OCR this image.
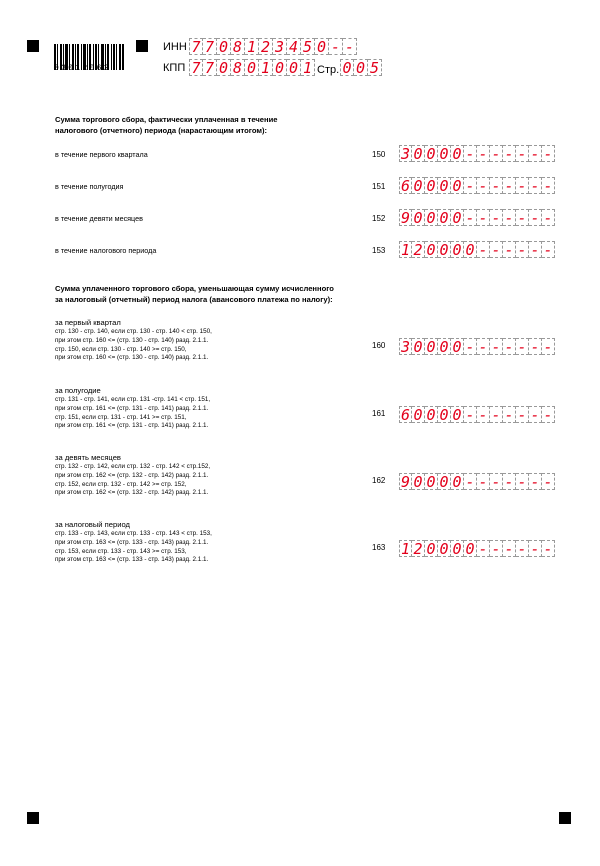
03012062
ИНН 7 7 0 8 1 2 3 4 5 0 - -
КПП 7 7 0 8 0 1 0 0 1 Стр. 0 0 5
Сумма торгового сбора, фактически уплаченная в течение
налогового (отчетного) периода (нарастающим итогом):
в течение первого квартала	150 3 0 0 0 0 - - - - - - -
в течение полугодия	151 6 0 0 0 0 - - - - - - -
в течение девяти месяцев	152 9 0 0 0 0 - - - - - - -
в течение налогового периода	153 1 2 0 0 0 0 - - - - - -
Сумма уплаченного торгового сбора, уменьшающая сумму исчисленного
за налоговый (отчетный) период налога (авансового платежа по налогу):
за первый квартал
стр. 130 - стр. 140, если стр. 130 - стр. 140 < стр. 150,
при этом стр. 160 <= (стр. 130 - стр. 140) разд. 2.1.1.
стр. 150, если стр. 130 - стр. 140 >= стр. 150,
при этом стр. 160 <= (стр. 130 - стр. 140) разд. 2.1.1.
160 3 0 0 0 0 - - - - - - -
за полугодие
стр. 131 - стр. 141, если стр. 131 -стр. 141 < стр. 151,
при этом стр. 161 <= (стр. 131 - стр. 141) разд. 2.1.1.
стр. 151, если стр. 131 - стр. 141 >= стр. 151,
при этом стр. 161 <= (стр. 131 - стр. 141) разд. 2.1.1.
161 6 0 0 0 0 - - - - - - -
за девять месяцев
стр. 132 - стр. 142, если стр. 132 - стр. 142 < стр.152,
при этом стр. 162 <= (стр. 132 - стр. 142) разд. 2.1.1.
стр. 152, если стр. 132 - стр. 142 >= стр. 152,
при этом стр. 162 <= (стр. 132 - стр. 142) разд. 2.1.1.
162 9 0 0 0 0 - - - - - - -
за налоговый период
стр. 133 - стр. 143, если стр. 133 - стр. 143 < стр. 153,
при этом стр. 163 <= (стр. 133 - стр. 143) разд. 2.1.1.
стр. 153, если стр. 133 - стр. 143 >= стр. 153,
при этом стр. 163 <= (стр. 133 - стр. 143) разд. 2.1.1.
163 1 2 0 0 0 0 - - - - - -
